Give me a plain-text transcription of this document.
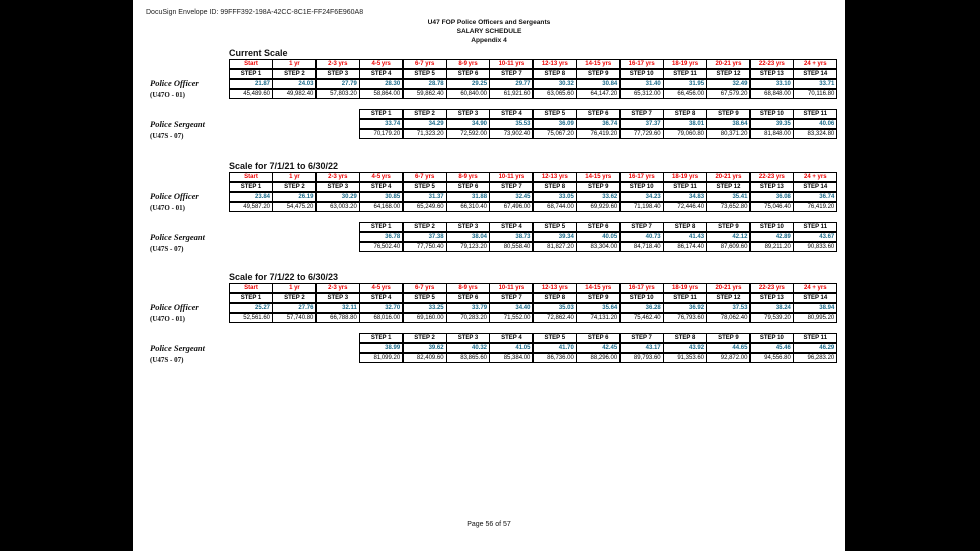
DocuSign Envelope ID: 99FFF392-198A-42CC-8C1E-FF24F6E960A8
U47 FOP Police Officers and Sergeants
SALARY SCHEDULE
Appendix 4
Current Scale
Start	1 yr	2-3 yrs	4-5 yrs	6-7 yrs	8-9 yrs	10-11 yrs	12-13 yrs	14-15 yrs	16-17 yrs	18-19 yrs	20-21 yrs	22-23 yrs	24 + yrs
STEP 1	STEP 2	STEP 3	STEP 4	STEP 5	STEP 6	STEP 7	STEP 8	STEP 9	STEP 10	STEP 11	STEP 12	STEP 13	STEP 14
21.87	24.03	27.79	28.30	28.78	29.25	29.77	30.32	30.84	31.40	31.95	32.49	33.10	33.71
45,489.60	49,982.40	57,803.20	58,864.00	59,862.40	60,840.00	61,921.60	63,065.60	64,147.20	65,312.00	66,456.00	67,579.20	68,848.00	70,116.80
Police Officer
(U47O - 01)
STEP 1	STEP 2	STEP 3	STEP 4	STEP 5	STEP 6	STEP 7	STEP 8	STEP 9	STEP 10	STEP 11
33.74	34.29	34.90	35.53	36.09	36.74	37.37	38.01	38.64	39.35	40.06
70,179.20	71,323.20	72,592.00	73,902.40	75,067.20	76,419.20	77,729.60	79,060.80	80,371.20	81,848.00	83,324.80
Police Sergeant
(U47S - 07)
Scale for 7/1/21 to 6/30/22
Start	1 yr	2-3 yrs	4-5 yrs	6-7 yrs	8-9 yrs	10-11 yrs	12-13 yrs	14-15 yrs	16-17 yrs	18-19 yrs	20-21 yrs	22-23 yrs	24 + yrs
STEP 1	STEP 2	STEP 3	STEP 4	STEP 5	STEP 6	STEP 7	STEP 8	STEP 9	STEP 10	STEP 11	STEP 12	STEP 13	STEP 14
23.84	26.19	30.29	30.85	31.37	31.88	32.45	33.05	33.62	34.23	34.83	35.41	36.08	36.74
49,587.20	54,475.20	63,003.20	64,168.00	65,249.60	66,310.40	67,496.00	68,744.00	69,929.60	71,198.40	72,446.40	73,652.80	75,046.40	76,419.20
Police Officer
(U47O - 01)
STEP 1	STEP 2	STEP 3	STEP 4	STEP 5	STEP 6	STEP 7	STEP 8	STEP 9	STEP 10	STEP 11
36.78	37.38	38.04	38.73	39.34	40.05	40.73	41.43	42.12	42.89	43.67
76,502.40	77,750.40	79,123.20	80,558.40	81,827.20	83,304.00	84,718.40	86,174.40	87,609.60	89,211.20	90,833.60
Police Sergeant
(U47S - 07)
Scale for 7/1/22 to 6/30/23
Start	1 yr	2-3 yrs	4-5 yrs	6-7 yrs	8-9 yrs	10-11 yrs	12-13 yrs	14-15 yrs	16-17 yrs	18-19 yrs	20-21 yrs	22-23 yrs	24 + yrs
STEP 1	STEP 2	STEP 3	STEP 4	STEP 5	STEP 6	STEP 7	STEP 8	STEP 9	STEP 10	STEP 11	STEP 12	STEP 13	STEP 14
25.27	27.76	32.11	32.70	33.25	33.79	34.40	35.03	35.64	36.28	36.92	37.53	38.24	38.94
52,561.60	57,740.80	66,788.80	68,016.00	69,160.00	70,283.20	71,552.00	72,862.40	74,131.20	75,462.40	76,793.60	78,062.40	79,539.20	80,995.20
Police Officer
(U47O - 01)
STEP 1	STEP 2	STEP 3	STEP 4	STEP 5	STEP 6	STEP 7	STEP 8	STEP 9	STEP 10	STEP 11
38.99	39.62	40.32	41.05	41.70	42.45	43.17	43.92	44.65	45.46	46.29
81,099.20	82,409.60	83,865.60	85,384.00	86,736.00	88,296.00	89,793.60	91,353.60	92,872.00	94,556.80	96,283.20
Police Sergeant
(U47S - 07)
Page 56 of 57
